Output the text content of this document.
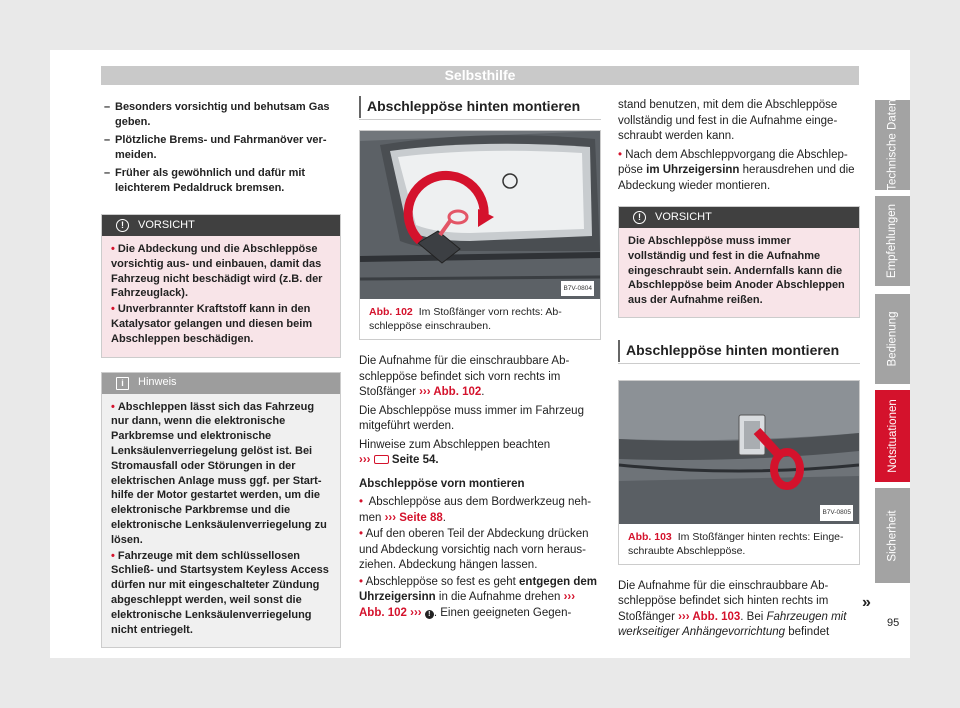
Selbsthilfe
– Besonders vorsichtig und behutsam Gas geben.
– Plötzliche Brems- und Fahrmanöver vermeiden.
– Früher als gewöhnlich und dafür mit leichterem Pedaldruck bremsen.
!	VORSICHT
• Die Abdeckung und die Abschleppöse vorsichtig aus- und einbauen, damit das Fahrzeug nicht beschädigt wird (z.B. der Fahrzeuglack).
• Unverbrannter Kraftstoff kann in den Katalysator gelangen und diesen beim Abschleppen beschädigen.
i	Hinweis
• Abschleppen lässt sich das Fahrzeug nur dann, wenn die elektronische Parkbremse und elektronische Lenksäulenverriegelung gelöst ist. Bei Stromausfall oder Störungen in der elektrischen Anlage muss ggf. per Starthilfe der Motor gestartet werden, um die elektronische Parkbremse und die elektronische Lenksäulenverriegelung zu lösen.
• Fahrzeuge mit dem schlüssellosen Schließ- und Startsystem Keyless Access dürfen nur mit eingeschalteter Zündung abgeschleppt werden, weil sonst die elektronische Lenksäulenverriegelung nicht entriegelt.
Abschleppöse hinten montieren
B7V-0804
Abb. 102 Im Stoßfänger vorn rechts: Abschleppöse einschrauben.
Die Aufnahme für die einschraubbare Abschleppöse befindet sich vorn rechts im Stoßfänger ››› Abb. 102.
Die Abschleppöse muss immer im Fahrzeug mitgeführt werden.
Hinweise zum Abschleppen beachten
›››  Seite 54.
Abschleppöse vorn montieren
• Abschleppöse aus dem Bordwerkzeug nehmen ››› Seite 88.
• Auf den oberen Teil der Abdeckung drücken und Abdeckung vorsichtig nach vorn herausziehen. Abdeckung hängen lassen.
• Abschleppöse so fest es geht entgegen dem Uhrzeigersinn in die Aufnahme drehen ››› Abb. 102 ››› ! . Einen geeigneten Gegen-
stand benutzen, mit dem die Abschleppöse vollständig und fest in die Aufnahme eingeschraubt werden kann.
• Nach dem Abschleppvorgang die Abschleppöse im Uhrzeigersinn herausdrehen und die Abdeckung wieder montieren.
!	VORSICHT
Die Abschleppöse muss immer vollständig und fest in die Aufnahme eingeschraubt sein. Andernfalls kann die Abschleppöse beim Anoder Abschleppen aus der Aufnahme reißen.
Abschleppöse hinten montieren
B7V-0805
Abb. 103 Im Stoßfänger hinten rechts: Eingeschraubte Abschleppöse.
Die Aufnahme für die einschraubbare Abschleppöse befindet sich hinten rechts im Stoßfänger ››› Abb. 103. Bei Fahrzeugen mit werkseitiger Anhängevorrichtung befindet
»
Technische Daten
Empfehlungen
Bedienung
Notsituationen
Sicherheit
95
